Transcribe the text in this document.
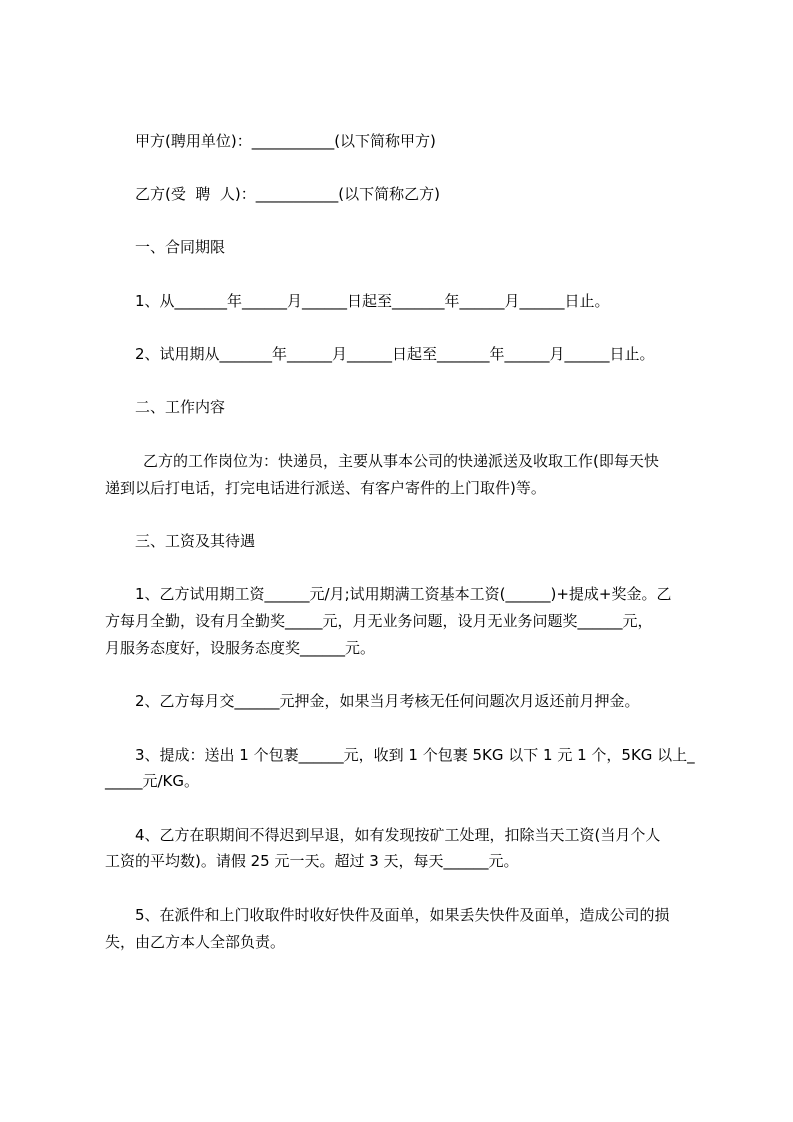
甲方(聘用单位)：___________(以下简称甲方)

乙方(受  聘  人)：___________(以下简称乙方)

一、合同期限

1、从_______年______月______日起至_______年______月______日止。

2、试用期从_______年______月______日起至_______年______月______日止。

二、工作内容

乙方的工作岗位为：快递员，主要从事本公司的快递派送及收取工作(即每天快

递到以后打电话，打完电话进行派送、有客户寄件的上门取件)等。

三、工资及其待遇

1、乙方试用期工资______元/月;试用期满工资基本工资(______)+提成+奖金。乙

方每月全勤，设有月全勤奖_____元，月无业务问题，设月无业务问题奖______元，

月服务态度好，设服务态度奖______元。

2、乙方每月交______元押金，如果当月考核无任何问题次月返还前月押金。

3、提成：送出 1 个包裹______元，收到 1 个包裹 5KG 以下 1 元 1 个，5KG 以上_

_____元/KG。

4、乙方在职期间不得迟到早退，如有发现按矿工处理，扣除当天工资(当月个人

工资的平均数)。请假 25 元一天。超过 3 天，每天______元。

5、在派件和上门收取件时收好快件及面单，如果丢失快件及面单，造成公司的损

失，由乙方本人全部负责。
